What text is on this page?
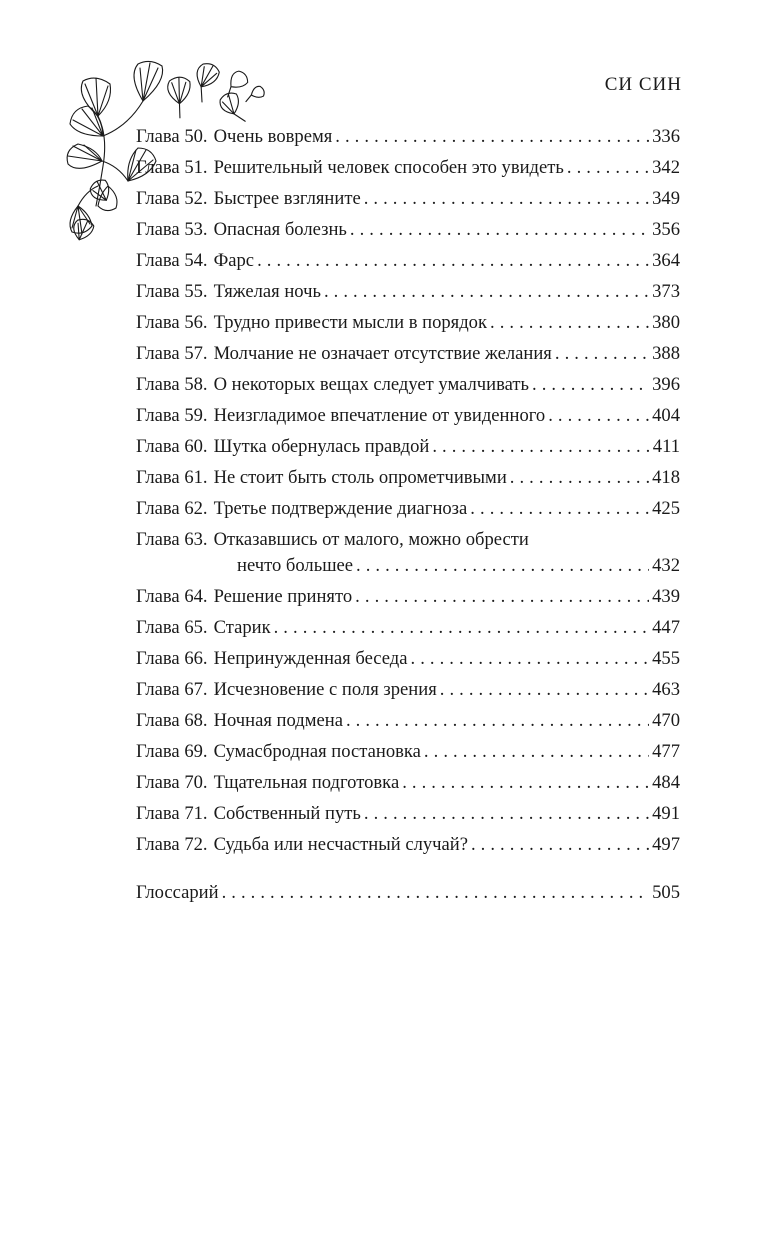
СИ СИН
Глава 50. Очень вовремя . . .	336
Глава 51. Решительный человек способен это увидеть . . .	342
Глава 52. Быстрее взгляните . . .	349
Глава 53. Опасная болезнь . . .	356
Глава 54. Фарс . . .	364
Глава 55. Тяжелая ночь . . .	373
Глава 56. Трудно привести мысли в порядок . . .	380
Глава 57. Молчание не означает отсутствие желания . . .	388
Глава 58. О некоторых вещах следует умалчивать . . .	396
Глава 59. Неизгладимое впечатление от увиденного . . .	404
Глава 60. Шутка обернулась правдой . . .	411
Глава 61. Не стоит быть столь опрометчивыми . . .	418
Глава 62. Третье подтверждение диагноза . . .	425
Глава 63. Отказавшись от малого, можно обрести
нечто большее . . .	432
Глава 64. Решение принято . . .	439
Глава 65. Старик . . .	447
Глава 66. Непринужденная беседа . . .	455
Глава 67. Исчезновение с поля зрения . . .	463
Глава 68. Ночная подмена . . .	470
Глава 69. Сумасбродная постановка . . .	477
Глава 70. Тщательная подготовка . . .	484
Глава 71. Собственный путь . . .	491
Глава 72. Судьба или несчастный случай? . . .	497
Глоссарий . . .	505
